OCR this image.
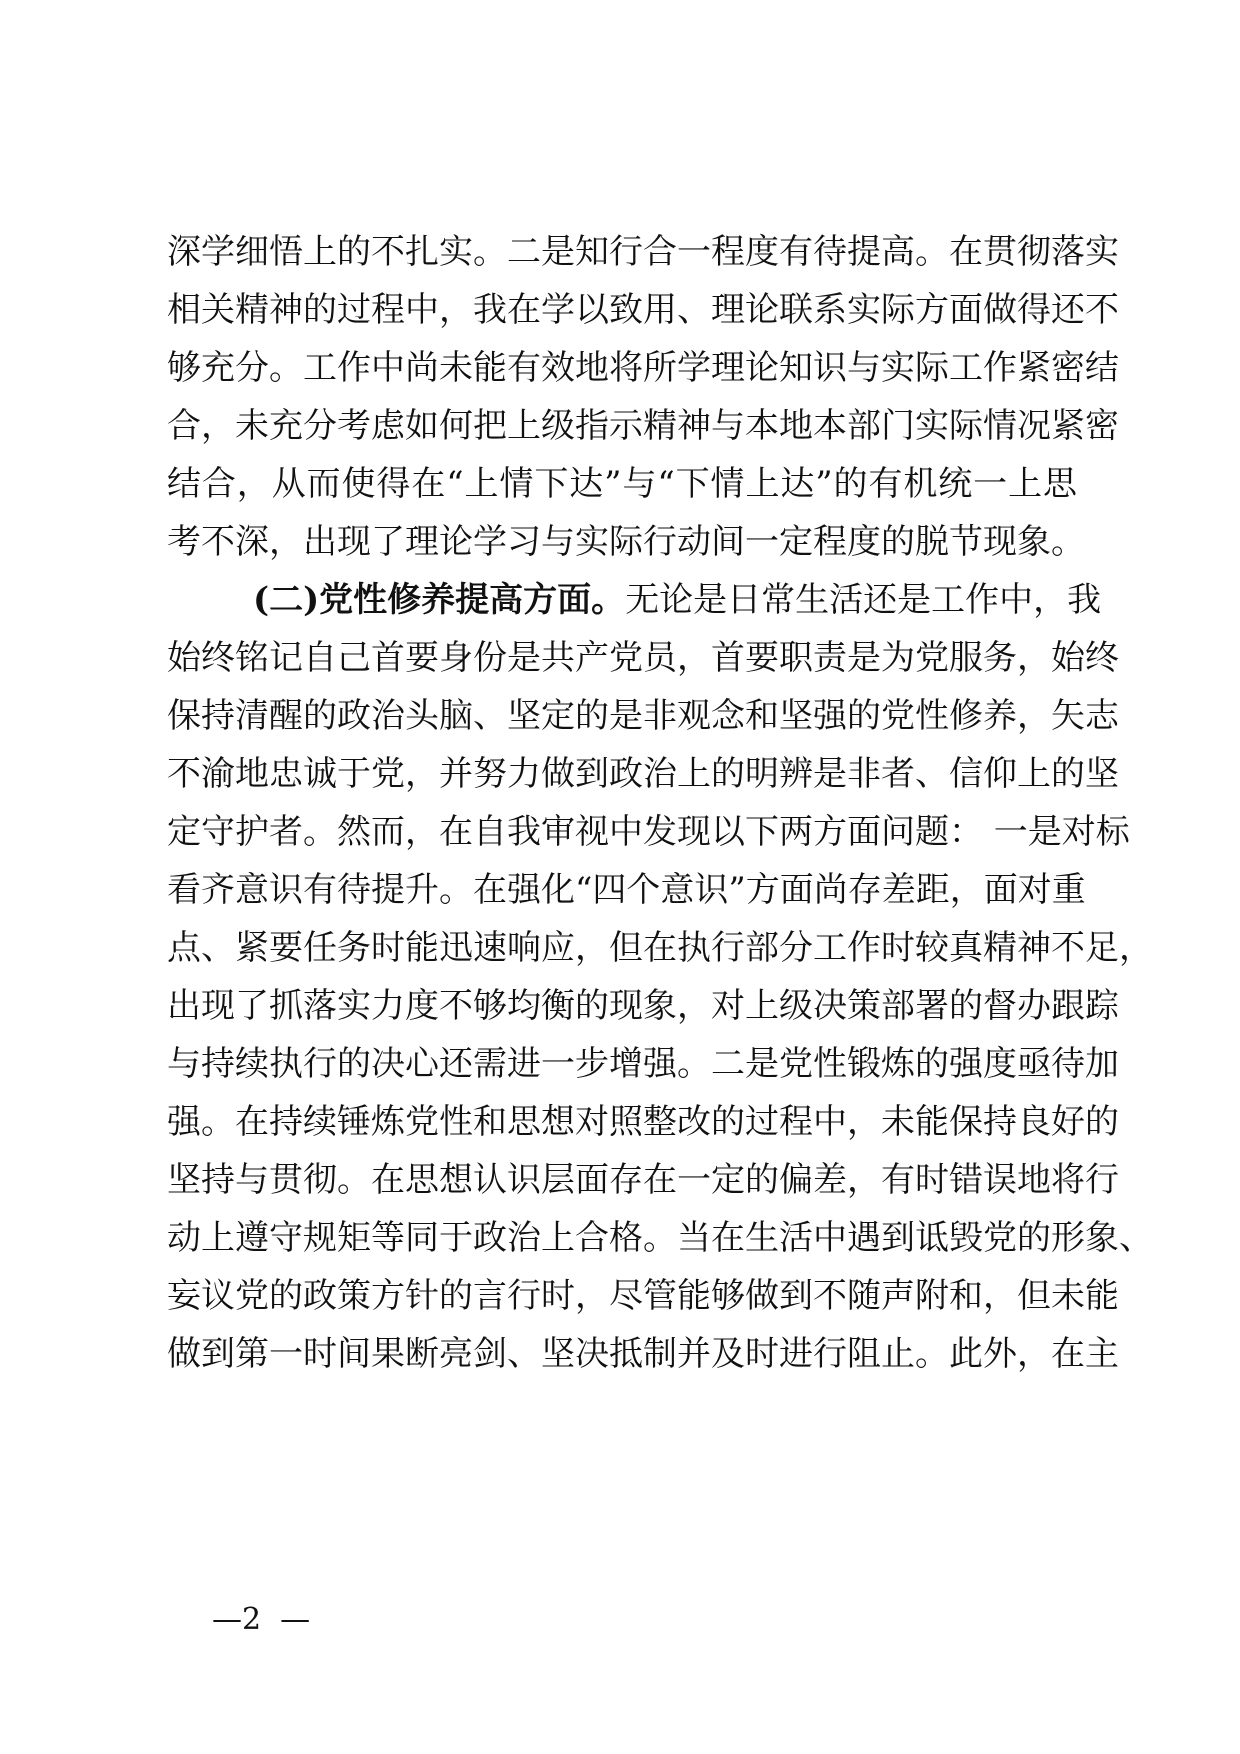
深学细悟上的不扎实。二是知行合一程度有待提高。在贯彻落实
相关精神的过程中，我在学以致用、理论联系实际方面做得还不
够充分。工作中尚未能有效地将所学理论知识与实际工作紧密结
合，未充分考虑如何把上级指示精神与本地本部门实际情况紧密
结合，从而使得在“上情下达”与“下情上达”的有机统一上思
考不深，出现了理论学习与实际行动间一定程度的脱节现象。
(二)党性修养提高方面。无论是日常生活还是工作中，我
始终铭记自己首要身份是共产党员，首要职责是为党服务，始终
保持清醒的政治头脑、坚定的是非观念和坚强的党性修养，矢志
不渝地忠诚于党，并努力做到政治上的明辨是非者、信仰上的坚
定守护者。然而，在自我审视中发现以下两方面问题： 一是对标
看齐意识有待提升。在强化“四个意识”方面尚存差距，面对重
点、紧要任务时能迅速响应，但在执行部分工作时较真精神不足，
出现了抓落实力度不够均衡的现象，对上级决策部署的督办跟踪
与持续执行的决心还需进一步增强。二是党性锻炼的强度亟待加
强。在持续锤炼党性和思想对照整改的过程中，未能保持良好的
坚持与贯彻。在思想认识层面存在一定的偏差，有时错误地将行
动上遵守规矩等同于政治上合格。当在生活中遇到诋毁党的形象、
妄议党的政策方针的言行时，尽管能够做到不随声附和，但未能
做到第一时间果断亮剑、坚决抵制并及时进行阻止。此外，在主
—2  —
